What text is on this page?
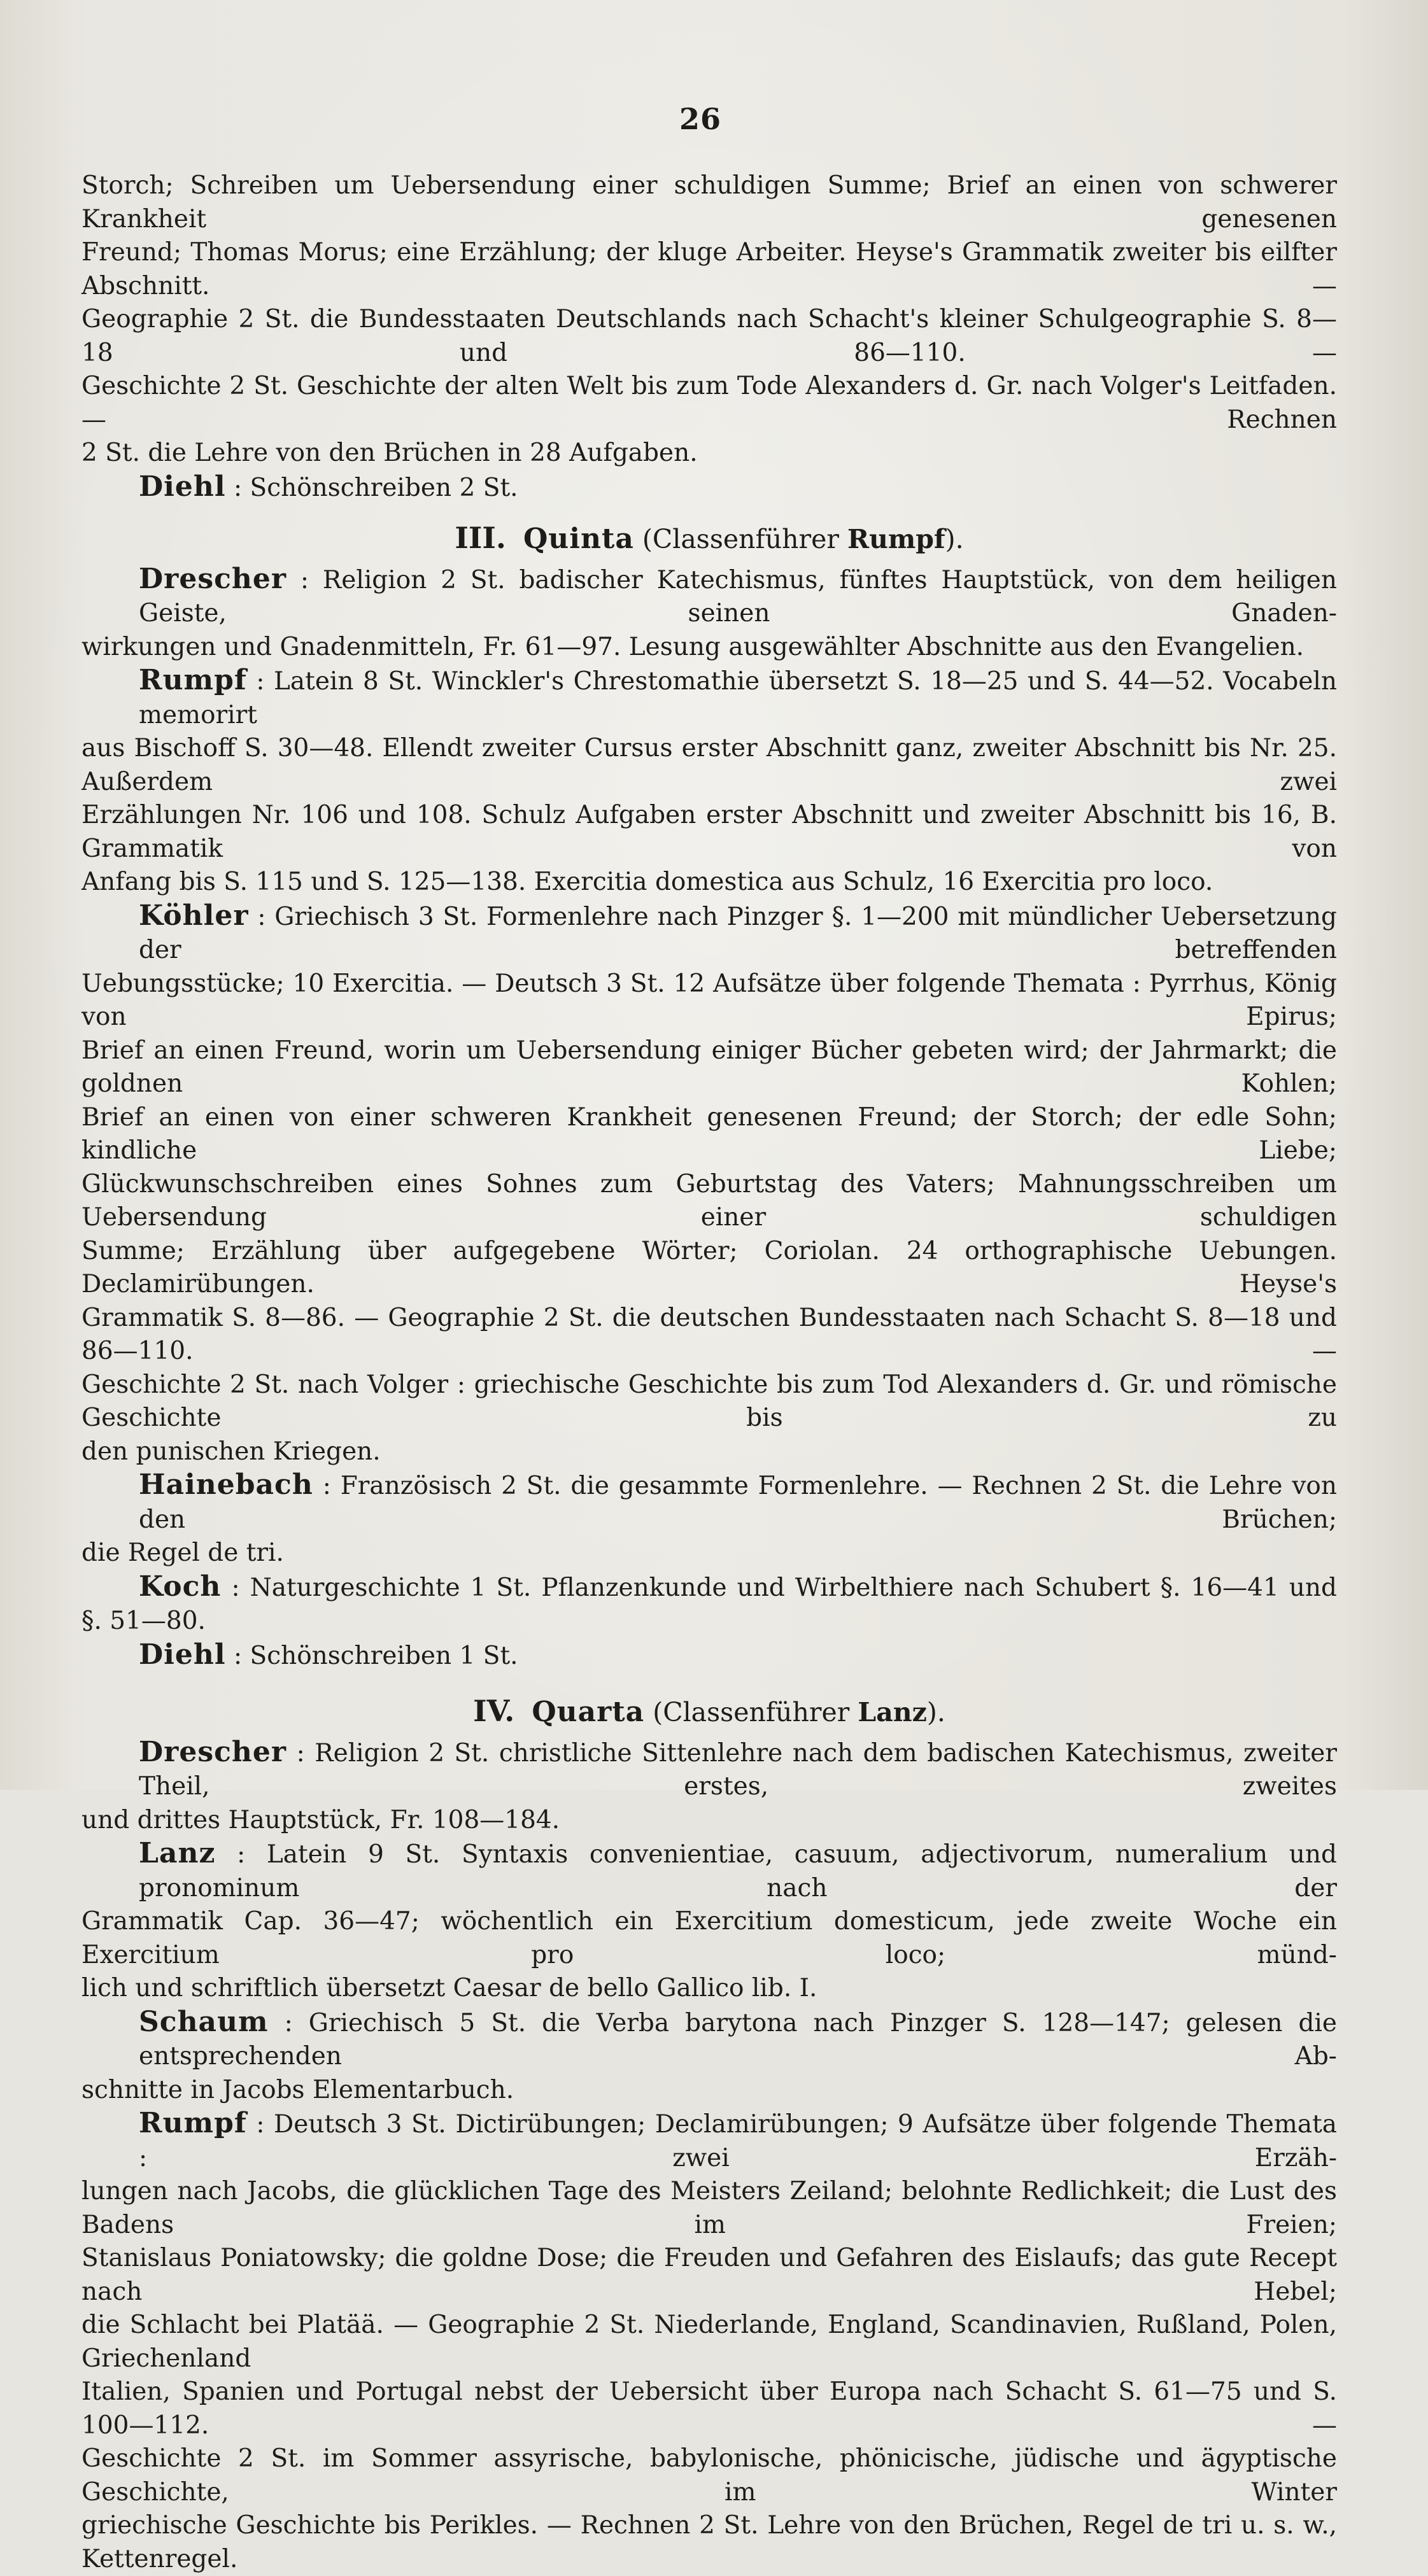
26

Storch; Schreiben um Uebersendung einer schuldigen Summe; Brief an einen von schwerer Krankheit genesenen
Freund; Thomas Morus; eine Erzählung; der kluge Arbeiter. Heyse's Grammatik zweiter bis eilfter Abschnitt. —
Geographie 2 St. die Bundesstaaten Deutschlands nach Schacht's kleiner Schulgeographie S. 8—18 und 86—110. —
Geschichte 2 St. Geschichte der alten Welt bis zum Tode Alexanders d. Gr. nach Volger's Leitfaden. — Rechnen
2 St. die Lehre von den Brüchen in 28 Aufgaben.

Diehl : Schönschreiben 2 St.

III. Quinta (Classenführer Rumpf).

Drescher : Religion 2 St. badischer Katechismus, fünftes Hauptstück, von dem heiligen Geiste, seinen Gnaden-
wirkungen und Gnadenmitteln, Fr. 61—97. Lesung ausgewählter Abschnitte aus den Evangelien.

Rumpf : Latein 8 St. Winckler's Chrestomathie übersetzt S. 18—25 und S. 44—52. Vocabeln memorirt
aus Bischoff S. 30—48. Ellendt zweiter Cursus erster Abschnitt ganz, zweiter Abschnitt bis Nr. 25. Außerdem zwei
Erzählungen Nr. 106 und 108. Schulz Aufgaben erster Abschnitt und zweiter Abschnitt bis 16, B. Grammatik von
Anfang bis S. 115 und S. 125—138. Exercitia domestica aus Schulz, 16 Exercitia pro loco.

Köhler : Griechisch 3 St. Formenlehre nach Pinzger §. 1—200 mit mündlicher Uebersetzung der betreffenden
Uebungsstücke; 10 Exercitia. — Deutsch 3 St. 12 Aufsätze über folgende Themata : Pyrrhus, König von Epirus;
Brief an einen Freund, worin um Uebersendung einiger Bücher gebeten wird; der Jahrmarkt; die goldnen Kohlen;
Brief an einen von einer schweren Krankheit genesenen Freund; der Storch; der edle Sohn; kindliche Liebe;
Glückwunschschreiben eines Sohnes zum Geburtstag des Vaters; Mahnungsschreiben um Uebersendung einer schuldigen
Summe; Erzählung über aufgegebene Wörter; Coriolan. 24 orthographische Uebungen. Declamirübungen. Heyse's
Grammatik S. 8—86. — Geographie 2 St. die deutschen Bundesstaaten nach Schacht S. 8—18 und 86—110. —
Geschichte 2 St. nach Volger : griechische Geschichte bis zum Tod Alexanders d. Gr. und römische Geschichte bis zu
den punischen Kriegen.

Hainebach : Französisch 2 St. die gesammte Formenlehre. — Rechnen 2 St. die Lehre von den Brüchen;
die Regel de tri.

Koch : Naturgeschichte 1 St. Pflanzenkunde und Wirbelthiere nach Schubert §. 16—41 und §. 51—80.

Diehl : Schönschreiben 1 St.

IV. Quarta (Classenführer Lanz).

Drescher : Religion 2 St. christliche Sittenlehre nach dem badischen Katechismus, zweiter Theil, erstes, zweites
und drittes Hauptstück, Fr. 108—184.

Lanz : Latein 9 St. Syntaxis convenientiae, casuum, adjectivorum, numeralium und pronominum nach der
Grammatik Cap. 36—47; wöchentlich ein Exercitium domesticum, jede zweite Woche ein Exercitium pro loco; münd-
lich und schriftlich übersetzt Caesar de bello Gallico lib. I.

Schaum : Griechisch 5 St. die Verba barytona nach Pinzger S. 128—147; gelesen die entsprechenden Ab-
schnitte in Jacobs Elementarbuch.

Rumpf : Deutsch 3 St. Dictirübungen; Declamirübungen; 9 Aufsätze über folgende Themata : zwei Erzäh-
lungen nach Jacobs, die glücklichen Tage des Meisters Zeiland; belohnte Redlichkeit; die Lust des Badens im Freien;
Stanislaus Poniatowsky; die goldne Dose; die Freuden und Gefahren des Eislaufs; das gute Recept nach Hebel;
die Schlacht bei Platää. — Geographie 2 St. Niederlande, England, Scandinavien, Rußland, Polen, Griechenland
Italien, Spanien und Portugal nebst der Uebersicht über Europa nach Schacht S. 61—75 und S. 100—112. —
Geschichte 2 St. im Sommer assyrische, babylonische, phönicische, jüdische und ägyptische Geschichte, im Winter
griechische Geschichte bis Perikles. — Rechnen 2 St. Lehre von den Brüchen, Regel de tri u. s. w.,
Kettenregel.
